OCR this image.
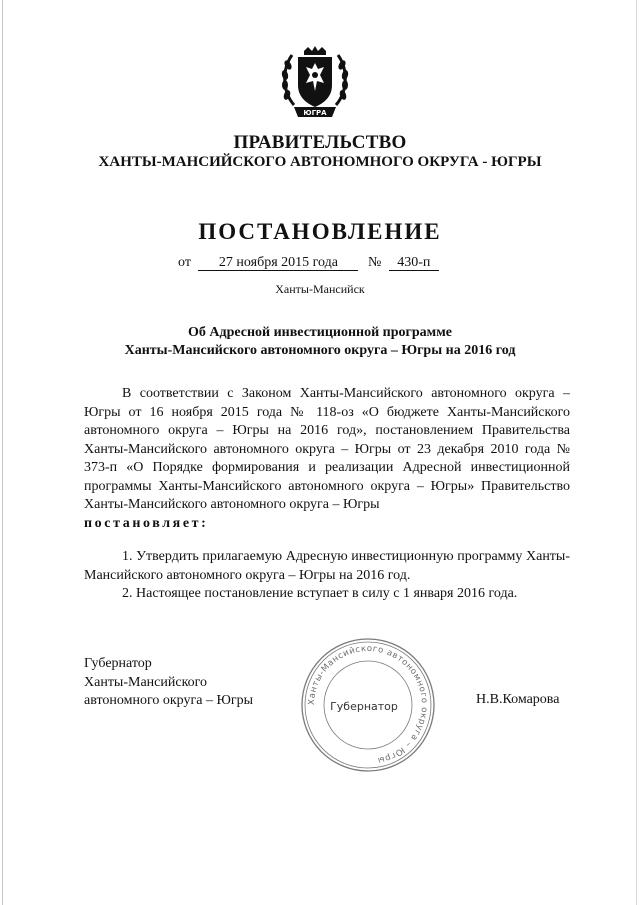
ЮГРА
ПРАВИТЕЛЬСТВО
ХАНТЫ-МАНСИЙСКОГО АВТОНОМНОГО ОКРУГА - ЮГРЫ
ПОСТАНОВЛЕНИЕ
от 27 ноября 2015 года № 430-п
Ханты-Мансийск
Об Адресной инвестиционной программе
Ханты-Мансийского автономного округа – Югры на 2016 год
В соответствии с Законом Ханты-Мансийского автономного округа – Югры от 16 ноября 2015 года № 118-оз «О бюджете Ханты-Мансийского автономного округа – Югры на 2016 год», постановлением Правительства Ханты-Мансийского автономного округа – Югры от 23 декабря 2010 года № 373-п «О Порядке формирования и реализации Адресной инвестиционной программы Ханты-Мансийского автономного округа – Югры» Правительство Ханты-Мансийского автономного округа – Югры
постановляет:
1. Утвердить прилагаемую Адресную инвестиционную программу Ханты-Мансийского автономного округа – Югры на 2016 год.
2. Настоящее постановление вступает в силу с 1 января 2016 года.
Губернатор
Ханты-Мансийского
автономного округа – Югры	Ханты-Мансийского автономного округа – Югры
Губернатор	Н.В.Комарова
